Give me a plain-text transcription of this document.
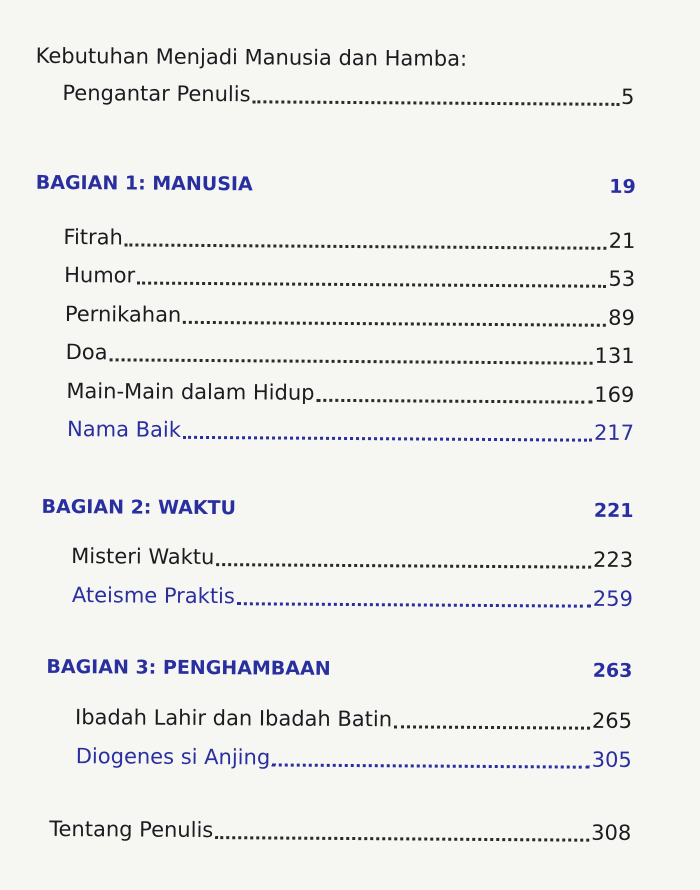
Kebutuhan Menjadi Manusia dan Hamba:
Pengantar Penulis	5
BAGIAN 1: MANUSIA	19
Fitrah	21
Humor	53
Pernikahan	89
Doa	131
Main-Main dalam Hidup	169
Nama Baik	217
BAGIAN 2: WAKTU	221
Misteri Waktu	223
Ateisme Praktis	259
BAGIAN 3: PENGHAMBAAN	263
Ibadah Lahir dan Ibadah Batin	265
Diogenes si Anjing	305
Tentang Penulis	308
